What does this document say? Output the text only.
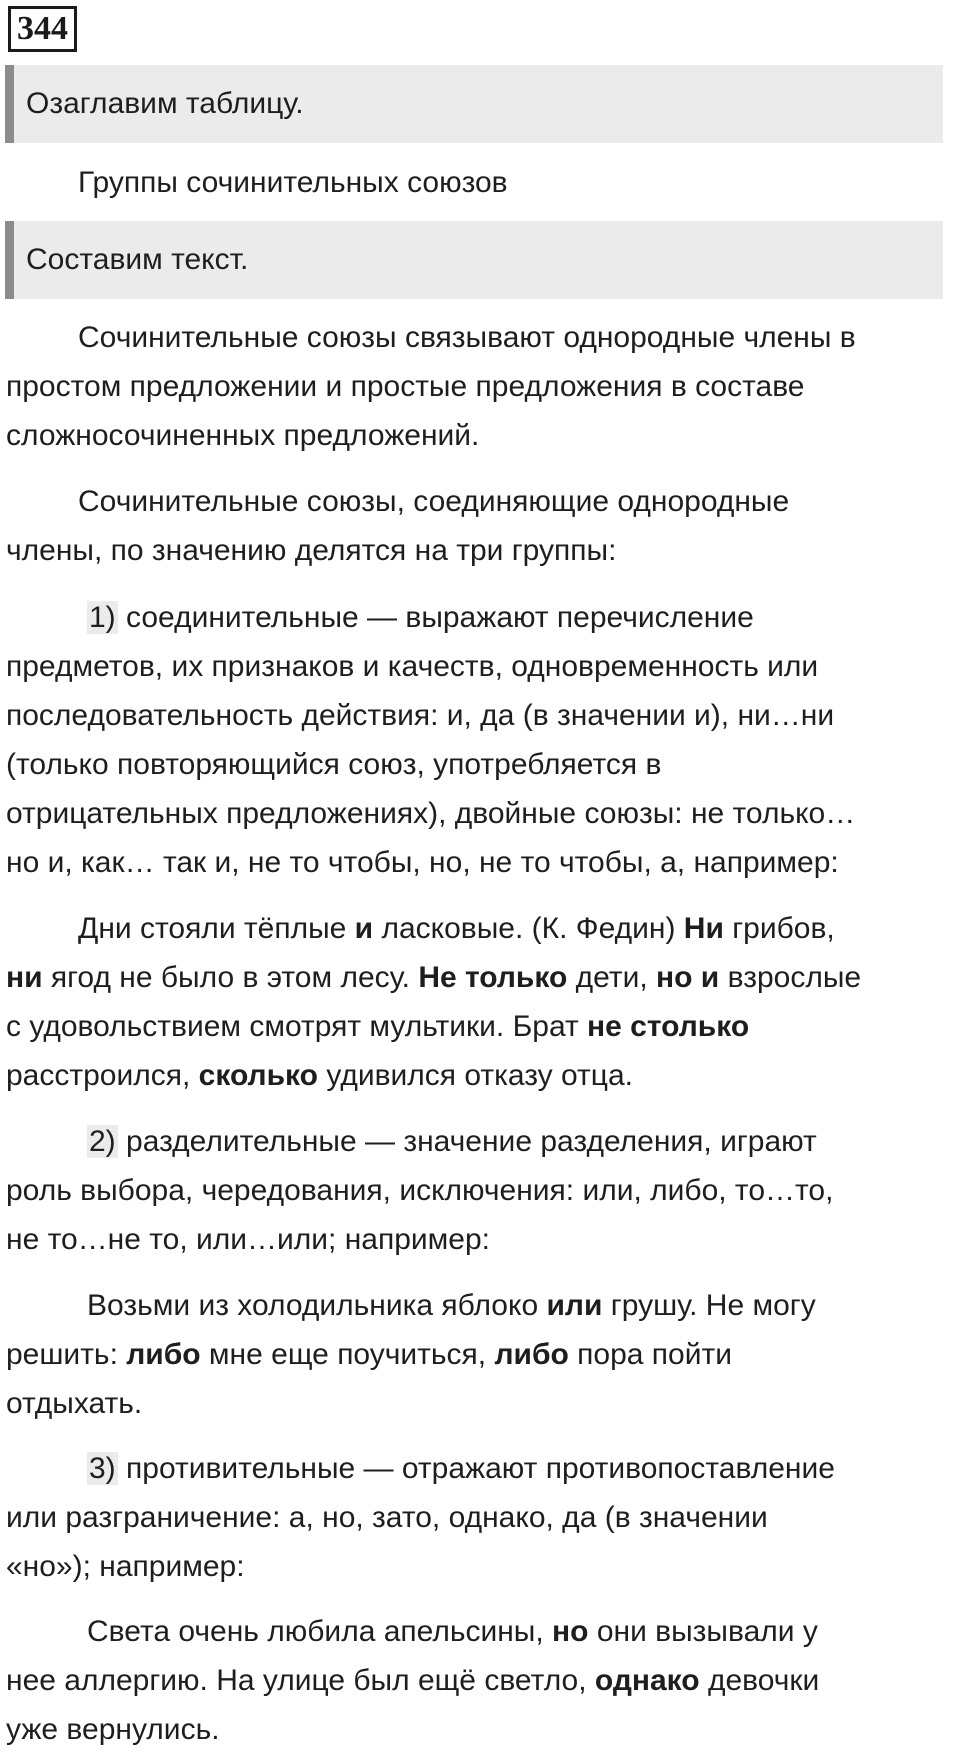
344
Озаглавим таблицу.
Группы сочинительных союзов
Составим текст.

Сочинительные союзы связывают однородные члены в
простом предложении и простые предложения в составе
сложносочиненных предложений.

Сочинительные союзы, соединяющие однородные
члены, по значению делятся на три группы:

1) соединительные — выражают перечисление
предметов, их признаков и качеств, одновременность или
последовательность действия: и, да (в значении и), ни…ни
(только повторяющийся союз, употребляется в
отрицательных предложениях), двойные союзы: не только…
но и, как… так и, не то чтобы, но, не то чтобы, а, например:

Дни стояли тёплые и ласковые. (К. Федин) Ни грибов,
ни ягод не было в этом лесу. Не только дети, но и взрослые
с удовольствием смотрят мультики. Брат не столько
расстроился, сколько удивился отказу отца.

2) разделительные — значение разделения, играют
роль выбора, чередования, исключения: или, либо, то…то,
не то…не то, или…или; например:

Возьми из холодильника яблоко или грушу. Не могу
решить: либо мне еще поучиться, либо пора пойти
отдыхать.

3) противительные — отражают противопоставление
или разграничение: а, но, зато, однако, да (в значении
«но»); например:

Света очень любила апельсины, но они вызывали у
нее аллергию. На улице был ещё светло, однако девочки
уже вернулись.
